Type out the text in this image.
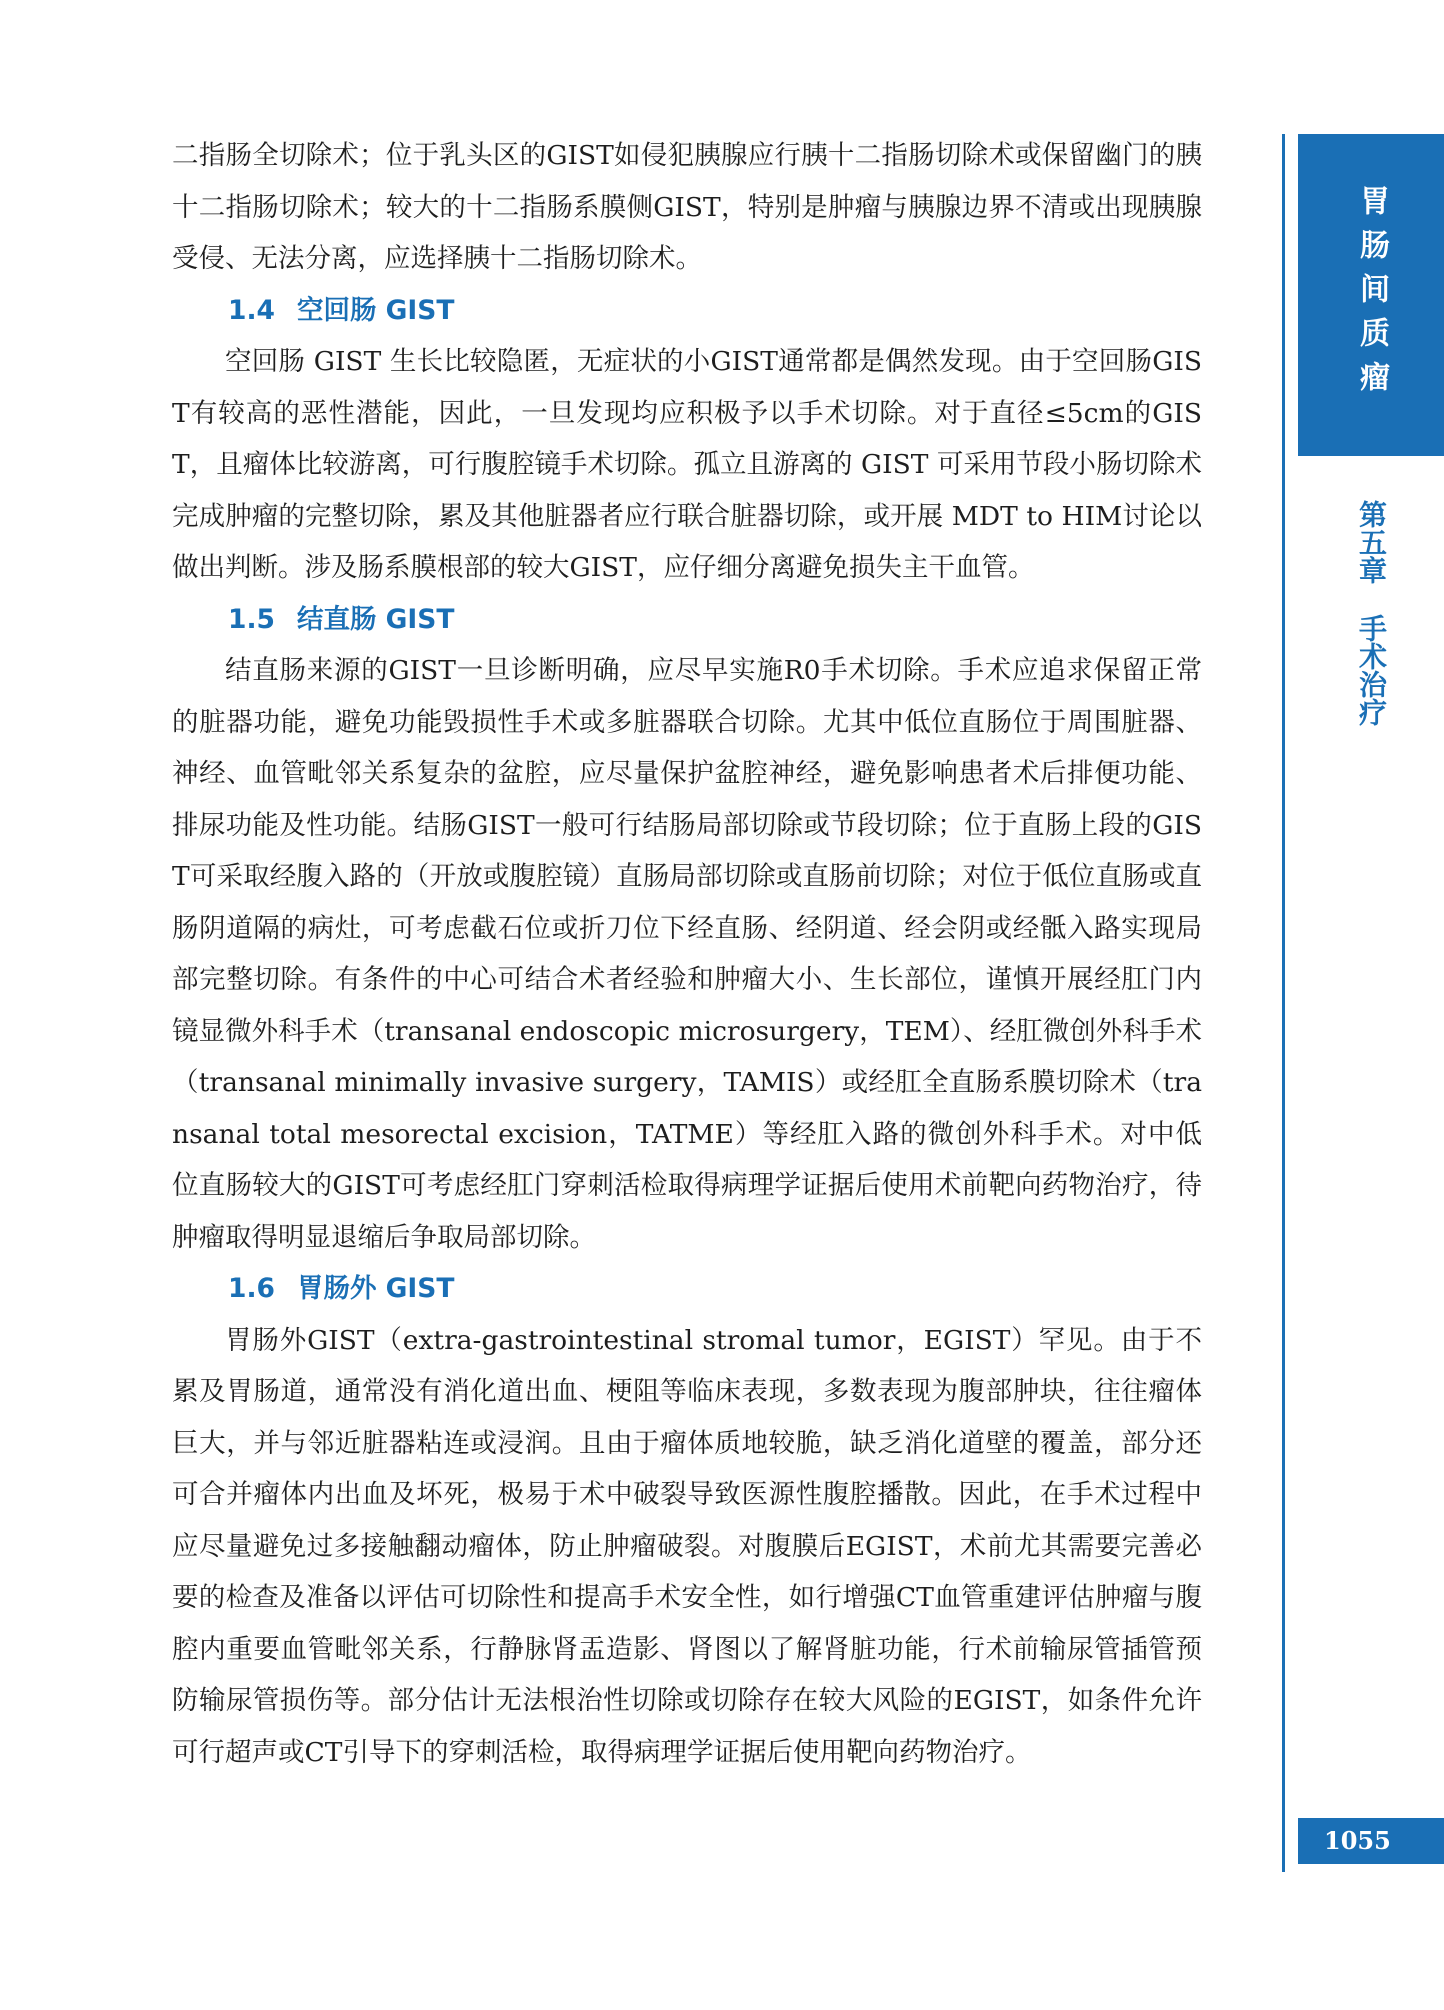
二指肠全切除术；位于乳头区的GIST如侵犯胰腺应行胰十二指肠切除术或保留幽门的胰十二指肠切除术；较大的十二指肠系膜侧GIST，特别是肿瘤与胰腺边界不清或出现胰腺受侵、无法分离，应选择胰十二指肠切除术。

1.4 空回肠 GIST

空回肠 GIST 生长比较隐匿，无症状的小GIST通常都是偶然发现。由于空回肠GIST有较高的恶性潜能，因此，一旦发现均应积极予以手术切除。对于直径≤5cm的GIST，且瘤体比较游离，可行腹腔镜手术切除。孤立且游离的 GIST 可采用节段小肠切除术完成肿瘤的完整切除，累及其他脏器者应行联合脏器切除，或开展 MDT to HIM讨论以做出判断。涉及肠系膜根部的较大GIST，应仔细分离避免损失主干血管。

1.5 结直肠 GIST

结直肠来源的GIST一旦诊断明确，应尽早实施R0手术切除。手术应追求保留正常的脏器功能，避免功能毁损性手术或多脏器联合切除。尤其中低位直肠位于周围脏器、神经、血管毗邻关系复杂的盆腔，应尽量保护盆腔神经，避免影响患者术后排便功能、排尿功能及性功能。结肠GIST一般可行结肠局部切除或节段切除；位于直肠上段的GIST可采取经腹入路的（开放或腹腔镜）直肠局部切除或直肠前切除；对位于低位直肠或直肠阴道隔的病灶，可考虑截石位或折刀位下经直肠、经阴道、经会阴或经骶入路实现局部完整切除。有条件的中心可结合术者经验和肿瘤大小、生长部位，谨慎开展经肛门内镜显微外科手术（transanal endoscopic microsurgery，TEM）、经肛微创外科手术（transanal minimally invasive surgery，TAMIS）或经肛全直肠系膜切除术（transanal total mesorectal excision，TATME）等经肛入路的微创外科手术。对中低位直肠较大的GIST可考虑经肛门穿刺活检取得病理学证据后使用术前靶向药物治疗，待肿瘤取得明显退缩后争取局部切除。

1.6 胃肠外 GIST

胃肠外GIST（extra-gastrointestinal stromal tumor，EGIST）罕见。由于不累及胃肠道，通常没有消化道出血、梗阻等临床表现，多数表现为腹部肿块，往往瘤体巨大，并与邻近脏器粘连或浸润。且由于瘤体质地较脆，缺乏消化道壁的覆盖，部分还可合并瘤体内出血及坏死，极易于术中破裂导致医源性腹腔播散。因此，在手术过程中应尽量避免过多接触翻动瘤体，防止肿瘤破裂。对腹膜后EGIST，术前尤其需要完善必要的检查及准备以评估可切除性和提高手术安全性，如行增强CT血管重建评估肿瘤与腹腔内重要血管毗邻关系，行静脉肾盂造影、肾图以了解肾脏功能，行术前输尿管插管预防输尿管损伤等。部分估计无法根治性切除或切除存在较大风险的EGIST，如条件允许可行超声或CT引导下的穿刺活检，取得病理学证据后使用靶向药物治疗。

胃肠间质瘤
第五章
手术治疗
1055
